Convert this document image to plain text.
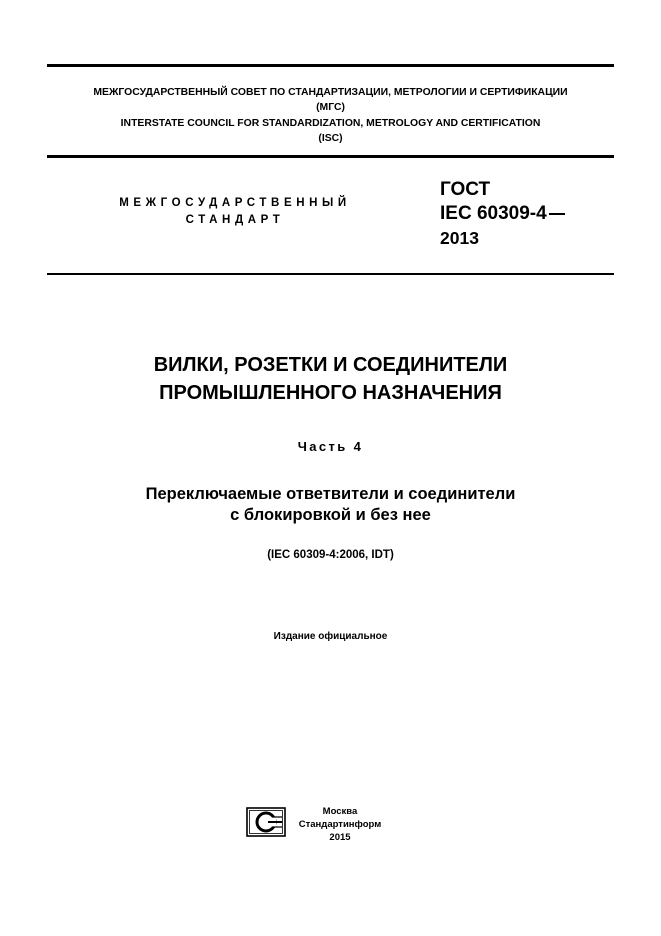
МЕЖГОСУДАРСТВЕННЫЙ СОВЕТ ПО СТАНДАРТИЗАЦИИ, МЕТРОЛОГИИ И СЕРТИФИКАЦИИ
(МГС)
INTERSTATE COUNCIL FOR STANDARDIZATION, METROLOGY AND CERTIFICATION
(ISC)
МЕЖГОСУДАРСТВЕННЫЙ
СТАНДАРТ
ГОСТ
IEC 60309-4
2013
ВИЛКИ, РОЗЕТКИ И СОЕДИНИТЕЛИ
ПРОМЫШЛЕННОГО НАЗНАЧЕНИЯ
Часть 4
Переключаемые ответвители и соединители
с блокировкой и без нее
(IEC 60309-4:2006, IDT)
Издание официальное
Москва
Стандартинформ
2015
